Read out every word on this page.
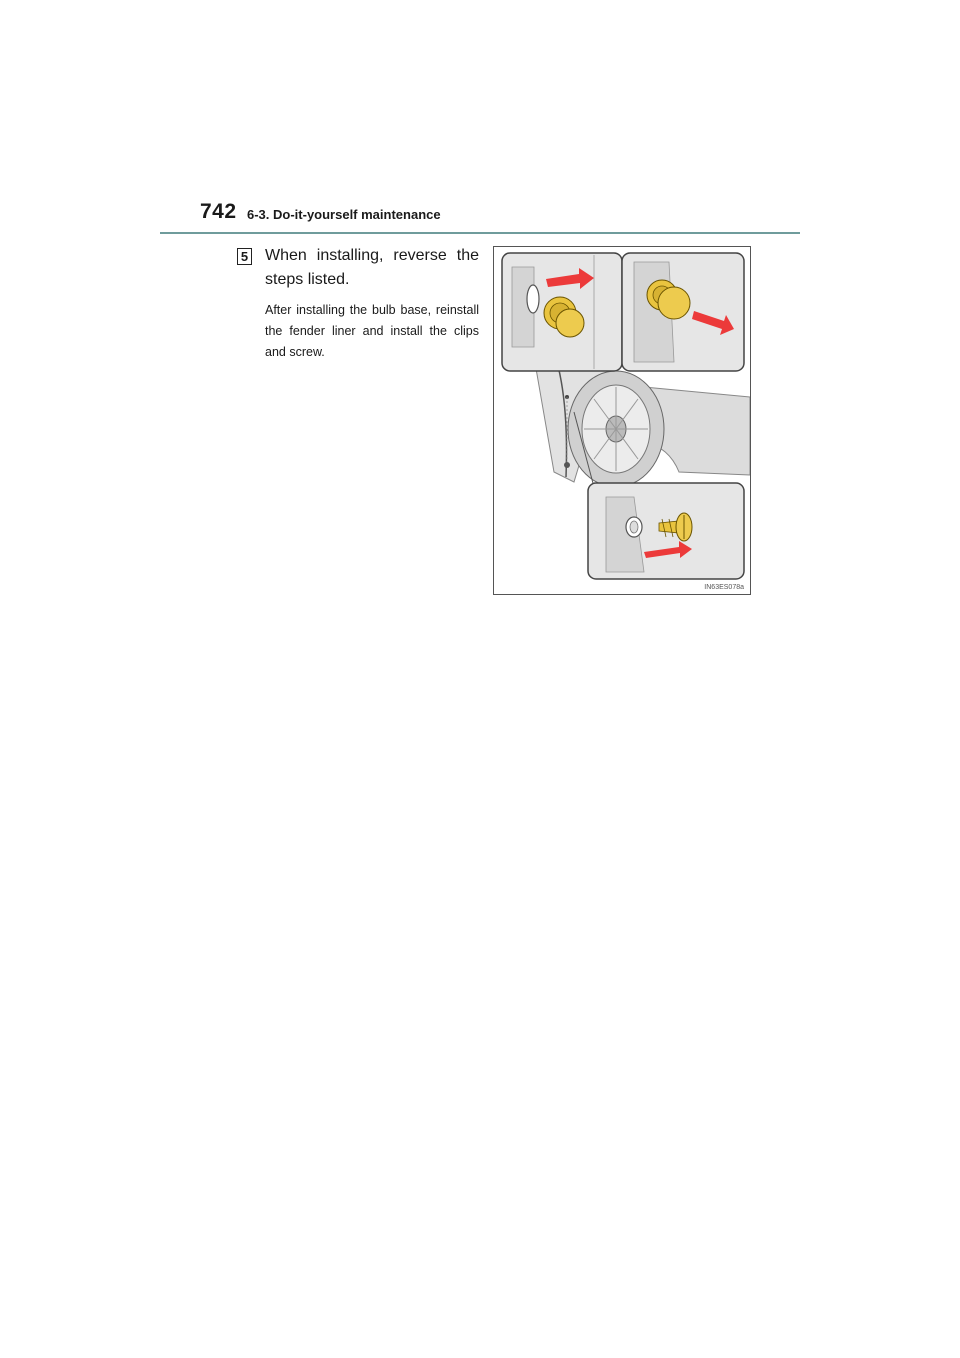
742 6-3. Do-it-yourself maintenance
5 When installing, reverse the steps listed.
After installing the bulb base, reinstall the fender liner and install the clips and screw.
IN63ES078a
